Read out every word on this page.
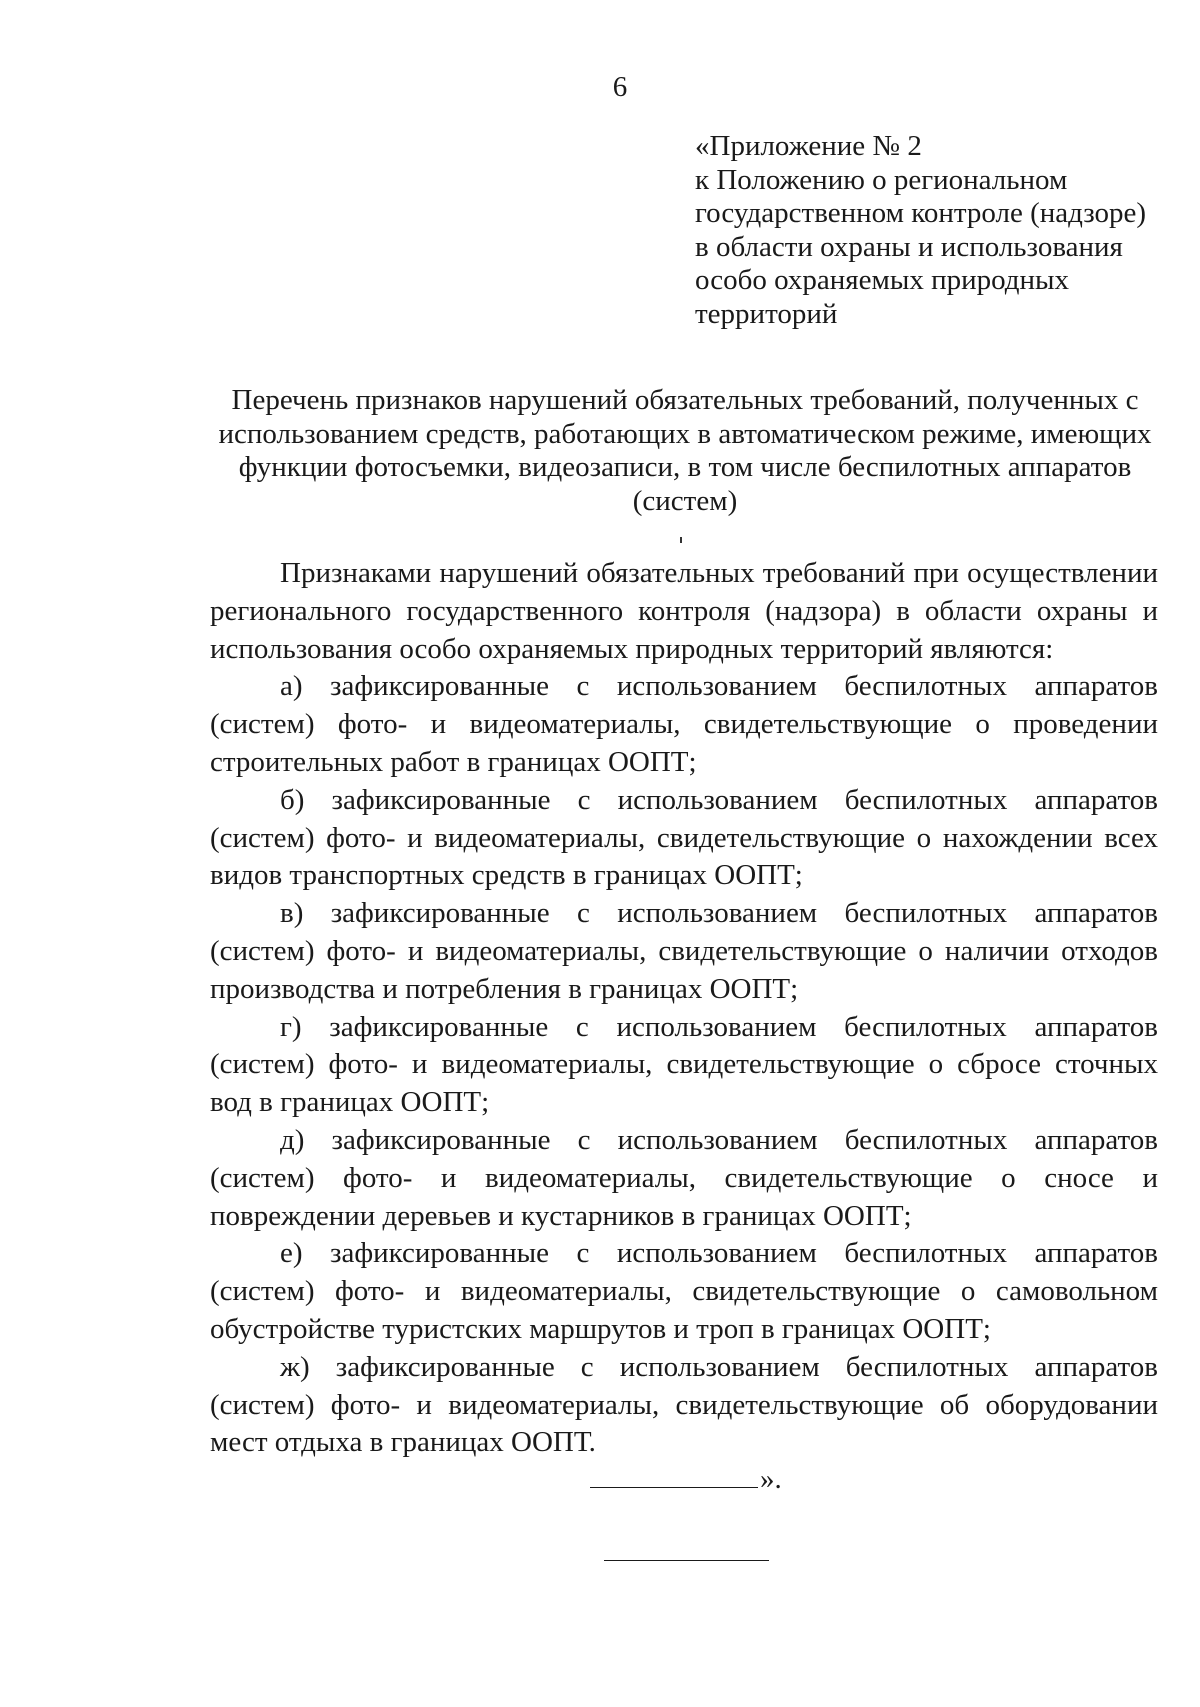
6
«Приложение № 2
к Положению о региональном
государственном контроле (надзоре)
в области охраны и использования
особо охраняемых природных
территорий
Перечень признаков нарушений обязательных требований, полученных с
использованием средств, работающих в автоматическом режиме, имеющих
функции фотосъемки, видеозаписи, в том числе беспилотных аппаратов
(систем)

Признаками нарушений обязательных требований при осуществлении регионального государственного контроля (надзора) в области охраны и использования особо охраняемых природных территорий являются:

а) зафиксированные с использованием беспилотных аппаратов (систем) фото- и видеоматериалы, свидетельствующие о проведении строительных работ в границах ООПТ;

б) зафиксированные с использованием беспилотных аппаратов (систем) фото- и видеоматериалы, свидетельствующие о нахождении всех видов транспортных средств в границах ООПТ;

в) зафиксированные с использованием беспилотных аппаратов (систем) фото- и видеоматериалы, свидетельствующие о наличии отходов производства и потребления в границах ООПТ;

г) зафиксированные с использованием беспилотных аппаратов (систем) фото- и видеоматериалы, свидетельствующие о сбросе сточных вод в границах ООПТ;

д) зафиксированные с использованием беспилотных аппаратов (систем) фото- и видеоматериалы, свидетельствующие о сносе и повреждении деревьев и кустарников в границах ООПТ;

е) зафиксированные с использованием беспилотных аппаратов (систем) фото- и видеоматериалы, свидетельствующие о самовольном обустройстве туристских маршрутов и троп в границах ООПТ;

ж) зафиксированные с использованием беспилотных аппаратов (систем) фото- и видеоматериалы, свидетельствующие об оборудовании мест отдыха в границах ООПТ.

».
